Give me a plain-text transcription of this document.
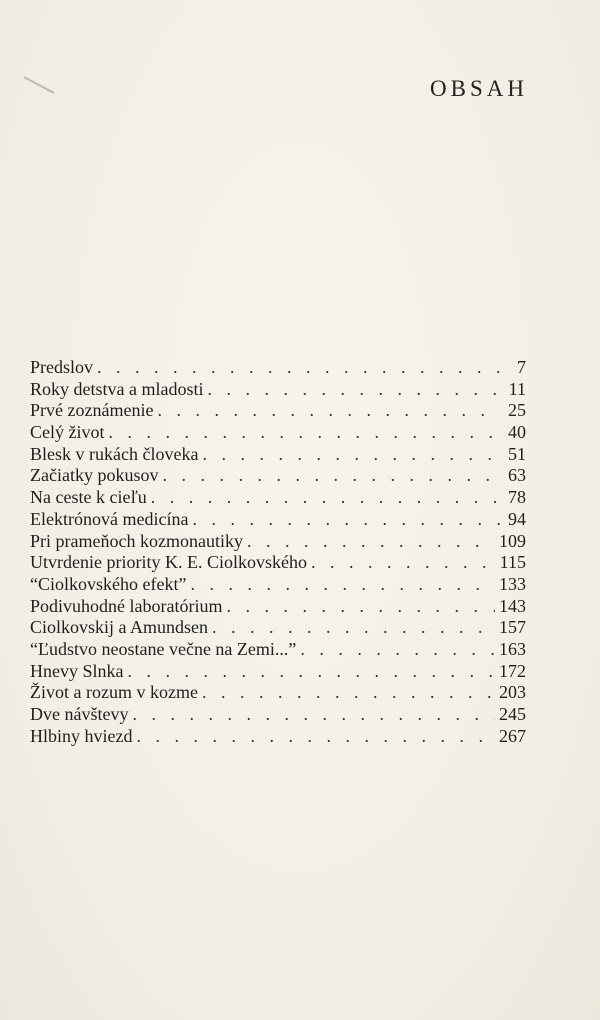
OBSAH
Predslov . . .	7
Roky detstva a mladosti . . .	11
Prvé zoznámenie . . .	25
Celý život . . .	40
Blesk v rukách človeka . . .	51
Začiatky pokusov . . .	63
Na ceste k cieľu . . .	78
Elektrónová medicína . . .	94
Pri prameňoch kozmonautiky . . .	109
Utvrdenie priority K. E. Ciolkovského . . .	115
“Ciolkovského efekt” . . .	133
Podivuhodné laboratórium . . .	143
Ciolkovskij a Amundsen . . .	157
“Ľudstvo neostane večne na Zemi...” . . .	163
Hnevy Slnka . . .	172
Život a rozum v kozme . . .	203
Dve návštevy . . .	245
Hlbiny hviezd . . .	267
